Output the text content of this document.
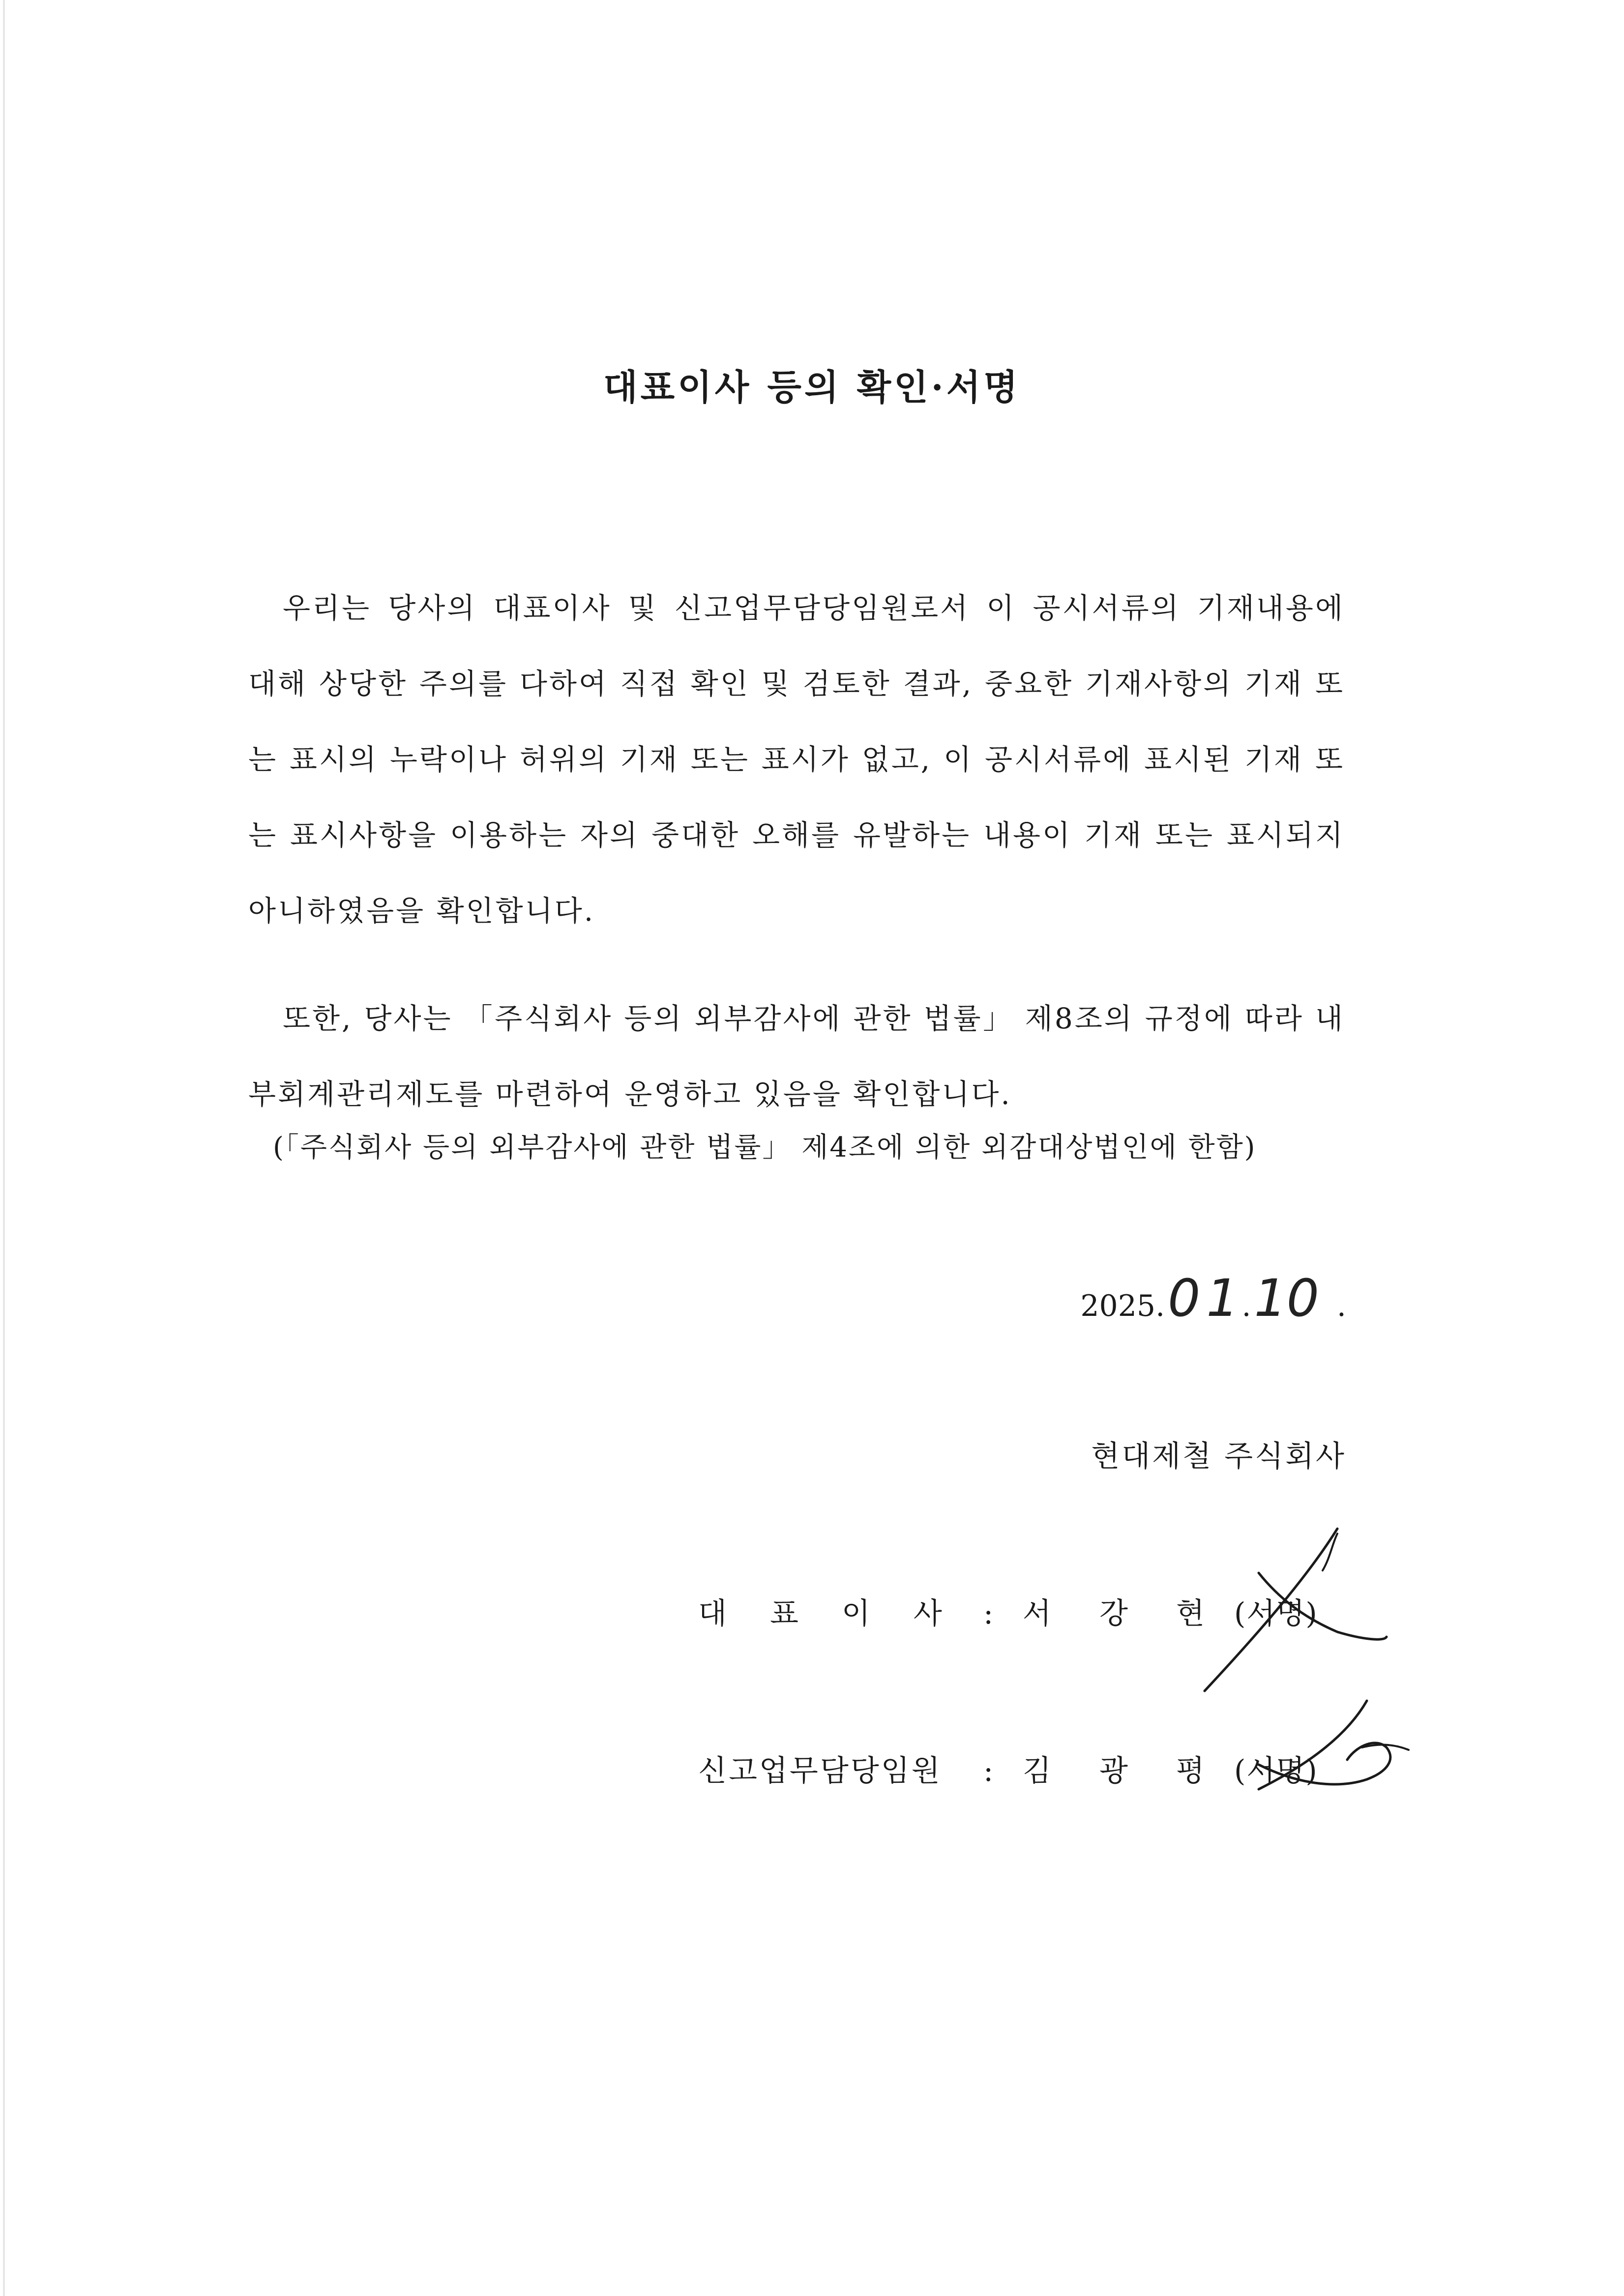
대표이사 등의 확인·서명

우리는 당사의 대표이사 및 신고업무담당임원로서 이 공시서류의 기재내용에 대해 상당한 주의를 다하여 직접 확인 및 검토한 결과, 중요한 기재사항의 기재 또는 표시의 누락이나 허위의 기재 또는 표시가 없고, 이 공시서류에 표시된 기재 또는 표시사항을 이용하는 자의 중대한 오해를 유발하는 내용이 기재 또는 표시되지 아니하였음을 확인합니다.

또한, 당사는 「주식회사 등의 외부감사에 관한 법률」 제8조의 규정에 따라 내부회계관리제도를 마련하여 운영하고 있음을 확인합니다.

(「주식회사 등의 외부감사에 관한 법률」 제4조에 의한 외감대상법인에 한함)
2025. 0 1 . 10 .
현대제철 주식회사
대표이사
: 서강현
(서명)
신고업무담당임원	: 김광평
(서명)
